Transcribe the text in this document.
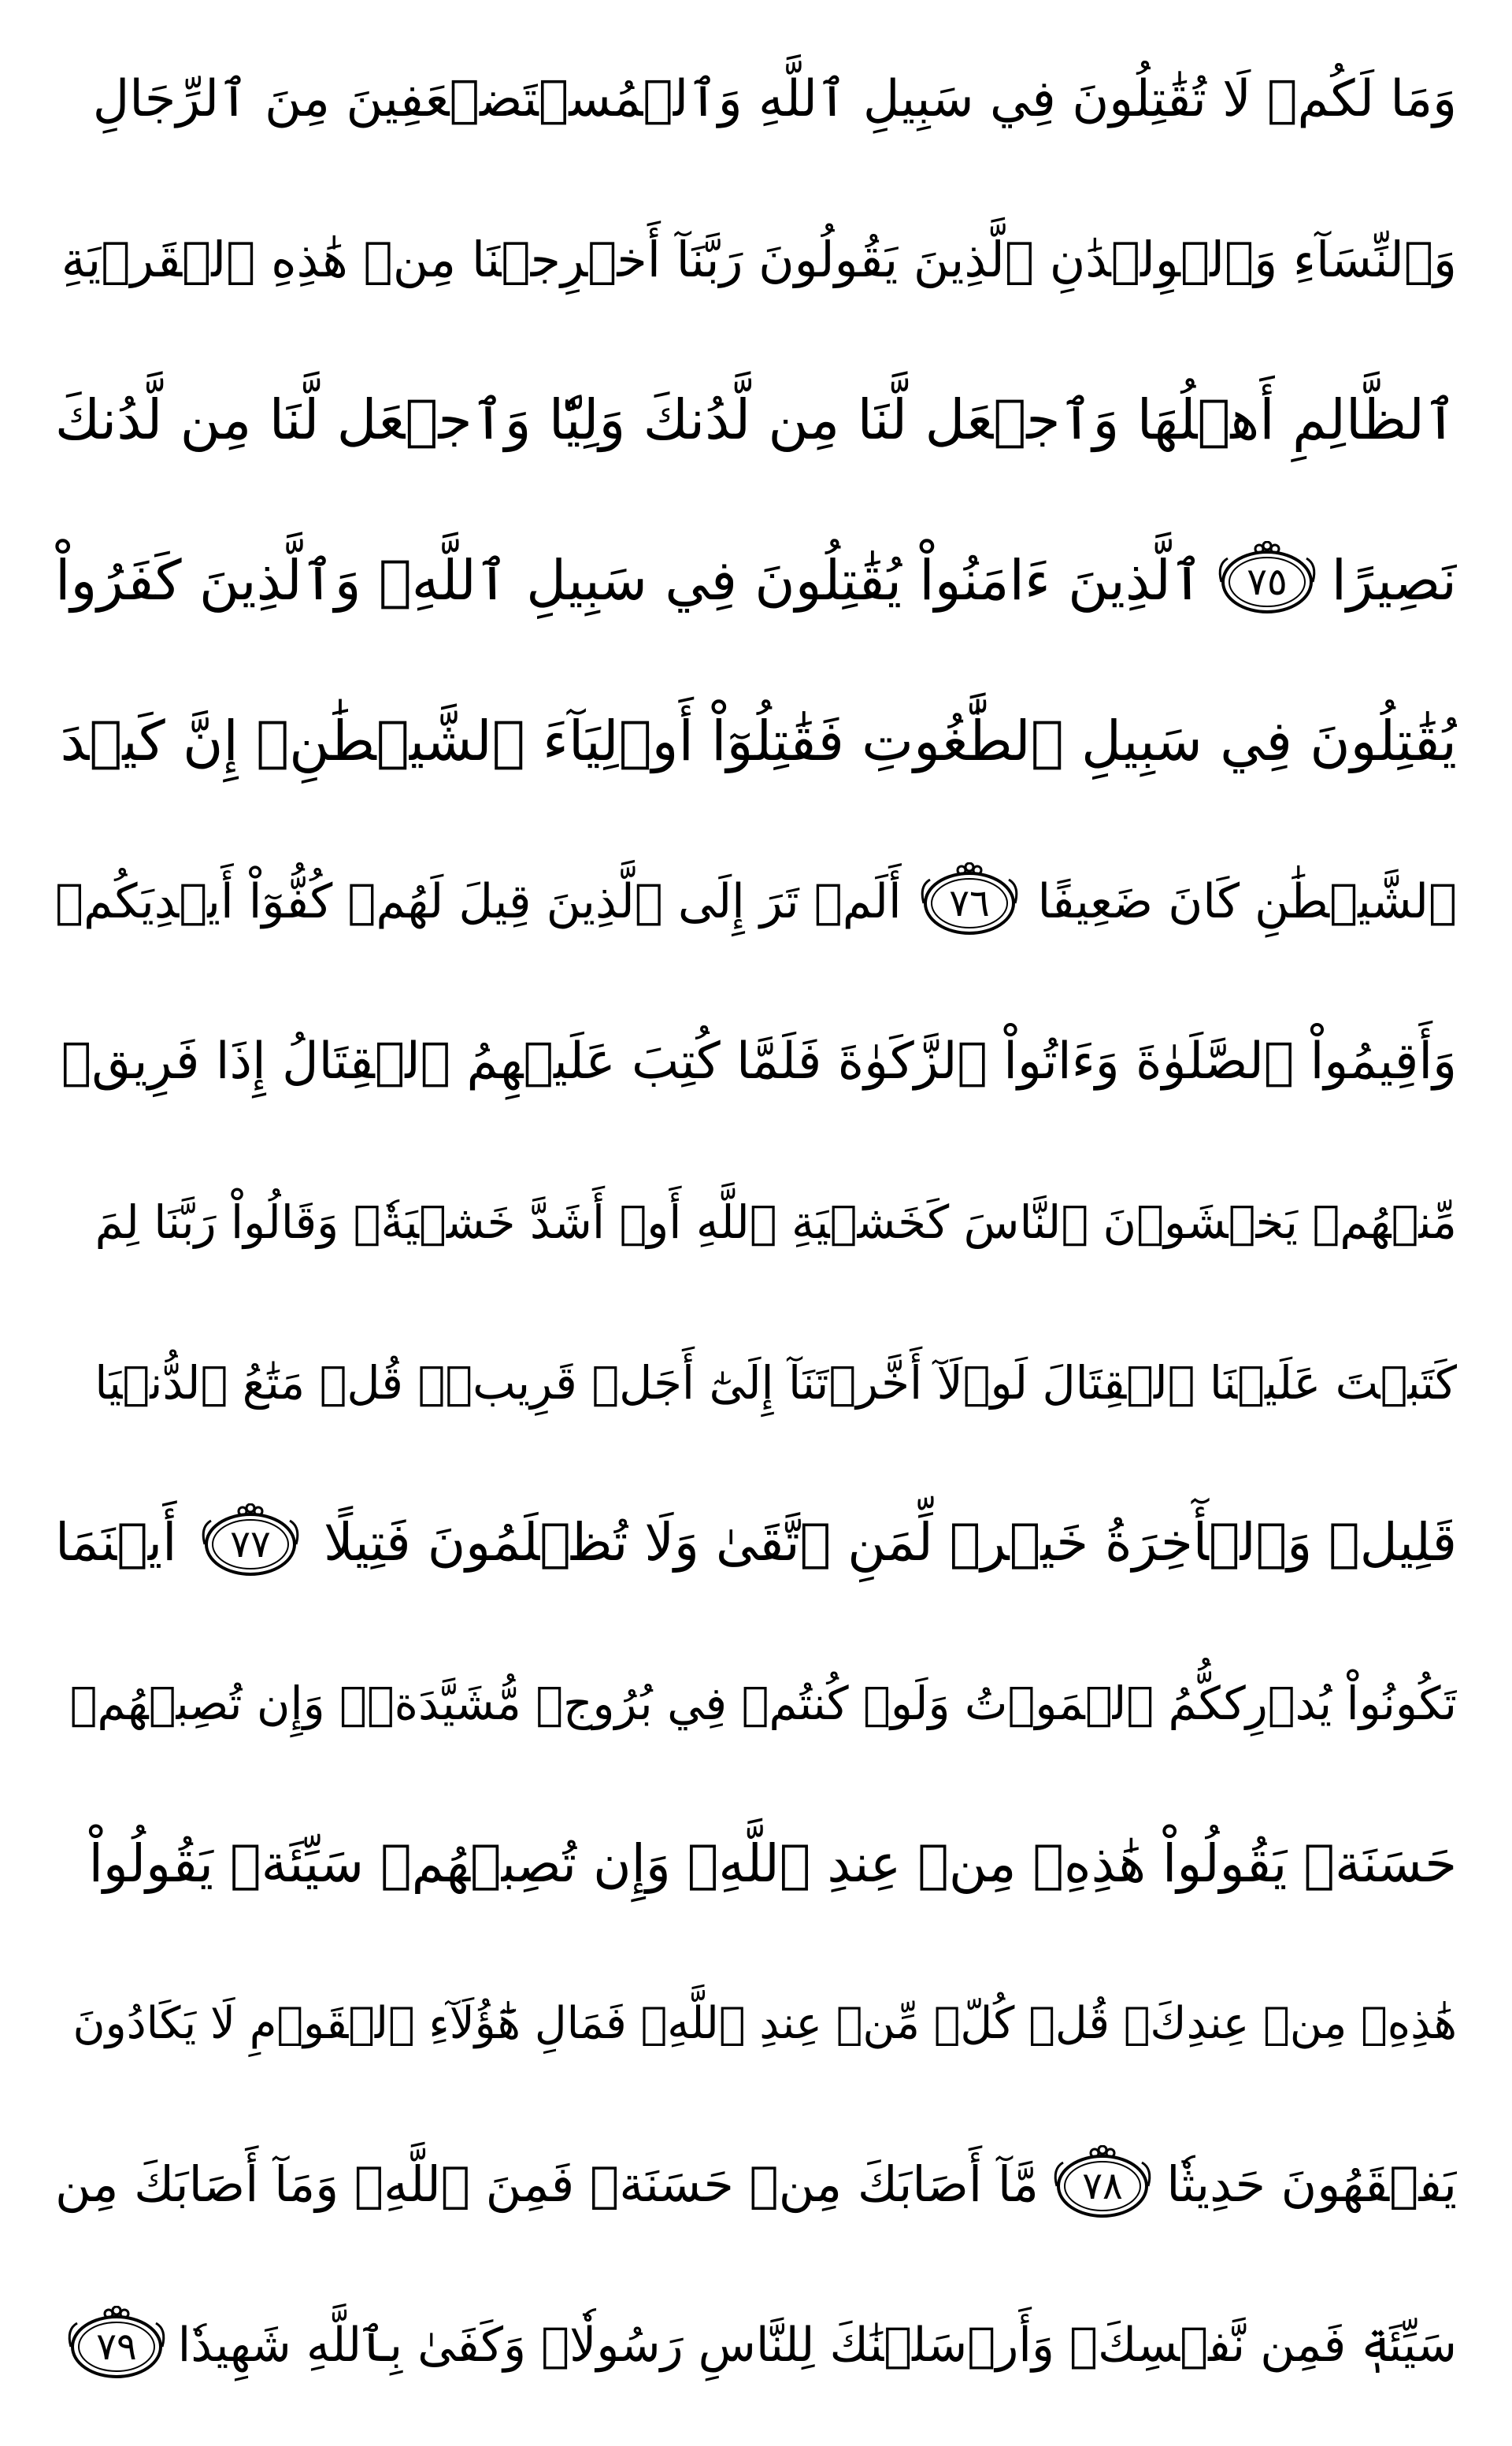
وَمَا لَكُمۡ لَا تُقَٰتِلُونَ فِي سَبِيلِ ٱللَّهِ وَٱلۡمُسۡتَضۡعَفِينَ مِنَ ٱلرِّجَالِ
وَٱلنِّسَآءِ وَٱلۡوِلۡدَٰنِ ٱلَّذِينَ يَقُولُونَ رَبَّنَآ أَخۡرِجۡنَا مِنۡ هَٰذِهِ ٱلۡقَرۡيَةِ
ٱلظَّالِمِ أَهۡلُهَا وَٱجۡعَل لَّنَا مِن لَّدُنكَ وَلِيّٗا وَٱجۡعَل لَّنَا مِن لَّدُنكَ
نَصِيرًا
٧٥
ٱلَّذِينَ ءَامَنُواْ يُقَٰتِلُونَ فِي سَبِيلِ ٱللَّهِۖ وَٱلَّذِينَ كَفَرُواْ
يُقَٰتِلُونَ فِي سَبِيلِ ٱلطَّٰغُوتِ فَقَٰتِلُوٓاْ أَوۡلِيَآءَ ٱلشَّيۡطَٰنِۖ إِنَّ كَيۡدَ
ٱلشَّيۡطَٰنِ كَانَ ضَعِيفًا
٧٦
أَلَمۡ تَرَ إِلَى ٱلَّذِينَ قِيلَ لَهُمۡ كُفُّوٓاْ أَيۡدِيَكُمۡ
وَأَقِيمُواْ ٱلصَّلَوٰةَ وَءَاتُواْ ٱلزَّكَوٰةَ فَلَمَّا كُتِبَ عَلَيۡهِمُ ٱلۡقِتَالُ إِذَا فَرِيقٞ
مِّنۡهُمۡ يَخۡشَوۡنَ ٱلنَّاسَ كَخَشۡيَةِ ٱللَّهِ أَوۡ أَشَدَّ خَشۡيَةٗۚ وَقَالُواْ رَبَّنَا لِمَ
كَتَبۡتَ عَلَيۡنَا ٱلۡقِتَالَ لَوۡلَآ أَخَّرۡتَنَآ إِلَىٰٓ أَجَلٖ قَرِيبٖۗ قُلۡ مَتَٰعُ ٱلدُّنۡيَا
قَلِيلٞ وَٱلۡأٓخِرَةُ خَيۡرٞ لِّمَنِ ٱتَّقَىٰ وَلَا تُظۡلَمُونَ فَتِيلًا
٧٧
أَيۡنَمَا
تَكُونُواْ يُدۡرِككُّمُ ٱلۡمَوۡتُ وَلَوۡ كُنتُمۡ فِي بُرُوجٖ مُّشَيَّدَةٖۗ وَإِن تُصِبۡهُمۡ
حَسَنَةٞ يَقُولُواْ هَٰذِهِۦ مِنۡ عِندِ ٱللَّهِۖ وَإِن تُصِبۡهُمۡ سَيِّئَةٞ يَقُولُواْ
هَٰذِهِۦ مِنۡ عِندِكَۚ قُلۡ كُلّٞ مِّنۡ عِندِ ٱللَّهِۖ فَمَالِ هَٰٓؤُلَآءِ ٱلۡقَوۡمِ لَا يَكَادُونَ
يَفۡقَهُونَ حَدِيثٗا
٧٨
مَّآ أَصَابَكَ مِنۡ حَسَنَةٖ فَمِنَ ٱللَّهِۖ وَمَآ أَصَابَكَ مِن
سَيِّئَةٖ فَمِن نَّفۡسِكَۚ وَأَرۡسَلۡنَٰكَ لِلنَّاسِ رَسُولٗاۚ وَكَفَىٰ بِٱللَّهِ شَهِيدٗا
٧٩
